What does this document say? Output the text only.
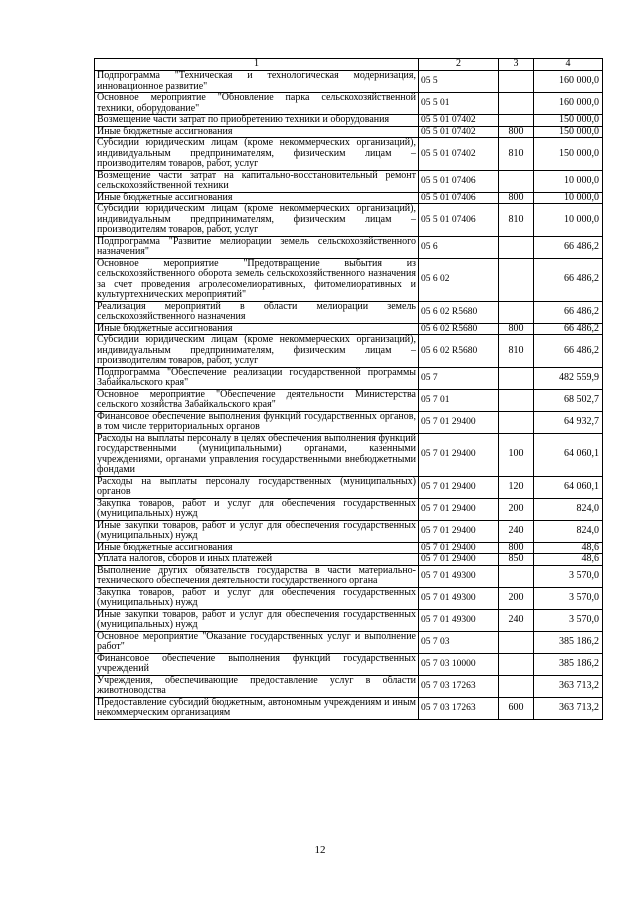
1	2	3	4
Подпрограмма "Техническая и технологическая модернизация, инновационное развитие"	05 5		160 000,0
Основное мероприятие "Обновление парка сельскохозяйственной техники, оборудование"	05 5 01		160 000,0
Возмещение части затрат по приобретению техники и оборудования	05 5 01 07402		150 000,0
Иные бюджетные ассигнования	05 5 01 07402	800	150 000,0
Субсидии юридическим лицам (кроме некоммерческих организаций), индивидуальным предпринимателям, физическим лицам – производителям товаров, работ, услуг	05 5 01 07402	810	150 000,0
Возмещение части затрат на капитально-восстановительный ремонт сельскохозяйственной техники	05 5 01 07406		10 000,0
Иные бюджетные ассигнования	05 5 01 07406	800	10 000,0
Субсидии юридическим лицам (кроме некоммерческих организаций), индивидуальным предпринимателям, физическим лицам – производителям товаров, работ, услуг	05 5 01 07406	810	10 000,0
Подпрограмма "Развитие мелиорации земель сельскохозяйственного назначения"	05 6		66 486,2
Основное мероприятие "Предотвращение выбытия из сельскохозяйственного оборота земель сельскохозяйственного назначения за счет проведения агролесомелиоративных, фитомелиоративных и культуртехнических мероприятий"	05 6 02		66 486,2
Реализация мероприятий в области мелиорации земель сельскохозяйственного назначения	05 6 02 R5680		66 486,2
Иные бюджетные ассигнования	05 6 02 R5680	800	66 486,2
Субсидии юридическим лицам (кроме некоммерческих организаций), индивидуальным предпринимателям, физическим лицам – производителям товаров, работ, услуг	05 6 02 R5680	810	66 486,2
Подпрограмма "Обеспечение реализации государственной программы Забайкальского края"	05 7		482 559,9
Основное мероприятие "Обеспечение деятельности Министерства сельского хозяйства Забайкальского края"	05 7 01		68 502,7
Финансовое обеспечение выполнения функций государственных органов, в том числе территориальных органов	05 7 01 29400		64 932,7
Расходы на выплаты персоналу в целях обеспечения выполнения функций государственными (муниципальными) органами, казенными учреждениями, органами управления государственными внебюджетными фондами	05 7 01 29400	100	64 060,1
Расходы на выплаты персоналу государственных (муниципальных) органов	05 7 01 29400	120	64 060,1
Закупка товаров, работ и услуг для обеспечения государственных (муниципальных) нужд	05 7 01 29400	200	824,0
Иные закупки товаров, работ и услуг для обеспечения государственных (муниципальных) нужд	05 7 01 29400	240	824,0
Иные бюджетные ассигнования	05 7 01 29400	800	48,6
Уплата налогов, сборов и иных платежей	05 7 01 29400	850	48,6
Выполнение других обязательств государства в части материально-технического обеспечения деятельности государственного органа	05 7 01 49300		3 570,0
Закупка товаров, работ и услуг для обеспечения государственных (муниципальных) нужд	05 7 01 49300	200	3 570,0
Иные закупки товаров, работ и услуг для обеспечения государственных (муниципальных) нужд	05 7 01 49300	240	3 570,0
Основное мероприятие "Оказание государственных услуг и выполнение работ"	05 7 03		385 186,2
Финансовое обеспечение выполнения функций государственных учреждений	05 7 03 10000		385 186,2
Учреждения, обеспечивающие предоставление услуг в области животноводства	05 7 03 17263		363 713,2
Предоставление субсидий бюджетным, автономным учреждениям и иным некоммерческим организациям	05 7 03 17263	600	363 713,2
12
